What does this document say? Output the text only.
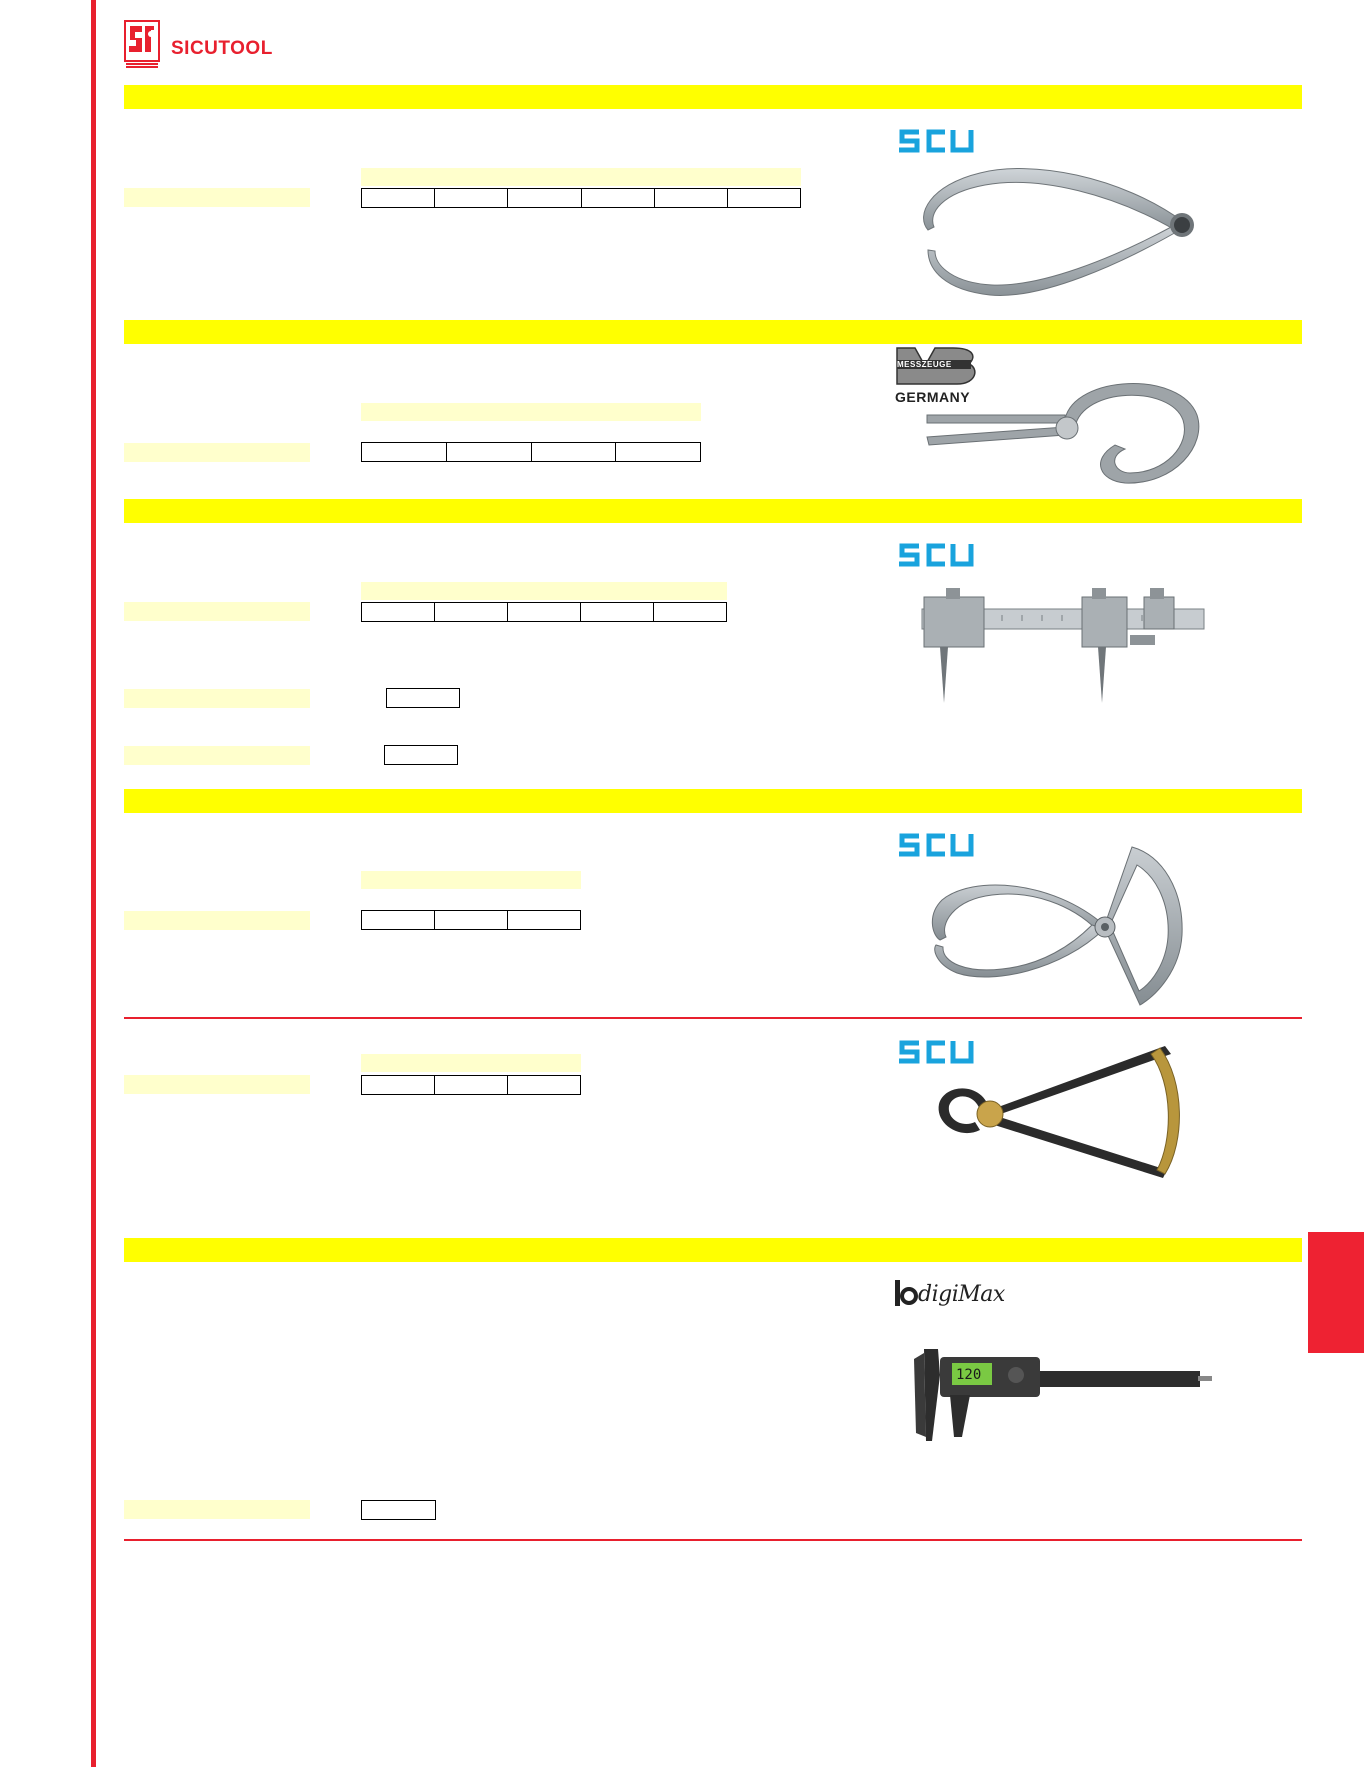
SICUTOOL
MESSZEUGE
GERMANY
digiMax
120
